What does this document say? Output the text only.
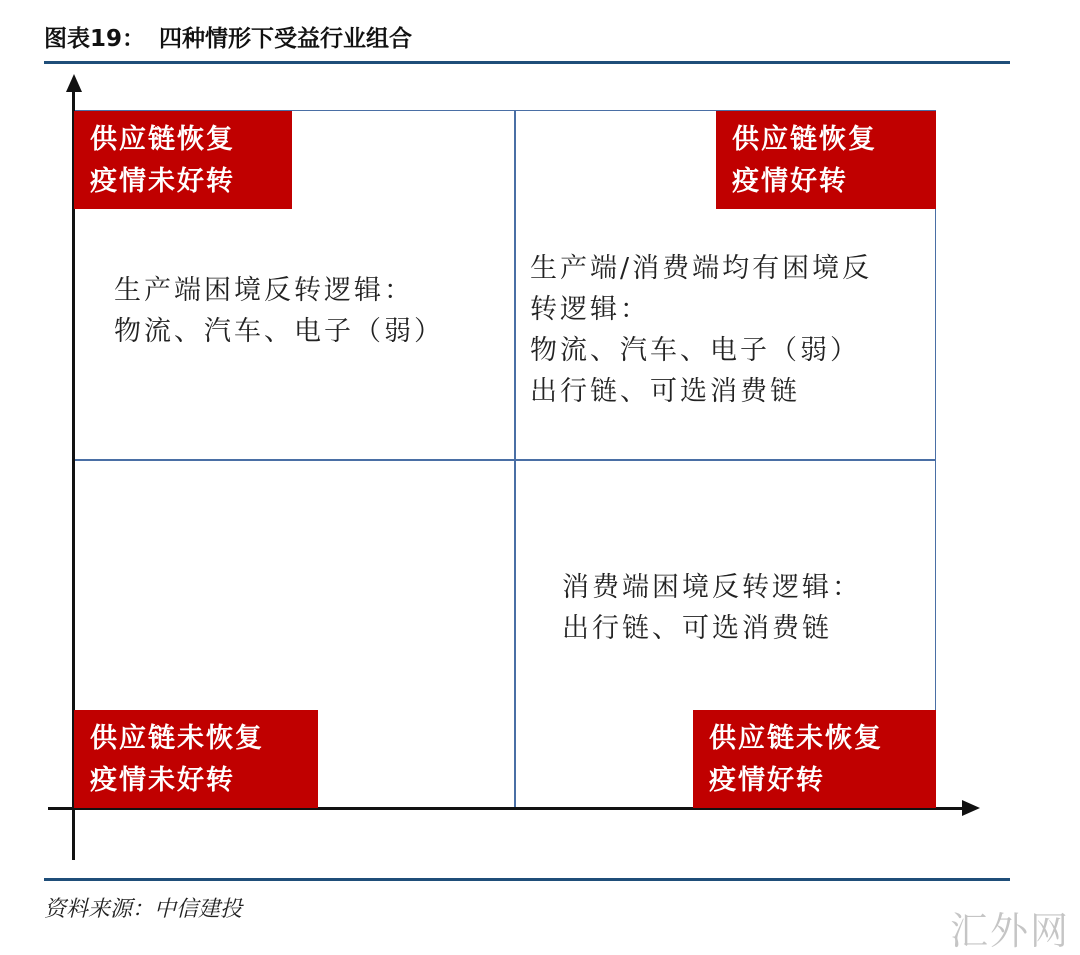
图表19： 四种情形下受益行业组合
供应链恢复
疫情未好转
生产端困境反转逻辑：
物流、汽车、电子（弱）
供应链恢复
疫情好转
生产端/消费端均有困境反
转逻辑：
物流、汽车、电子（弱）
出行链、可选消费链
供应链未恢复
疫情未好转
供应链未恢复
疫情好转
消费端困境反转逻辑：
出行链、可选消费链
资料来源：中信建投	汇外网
